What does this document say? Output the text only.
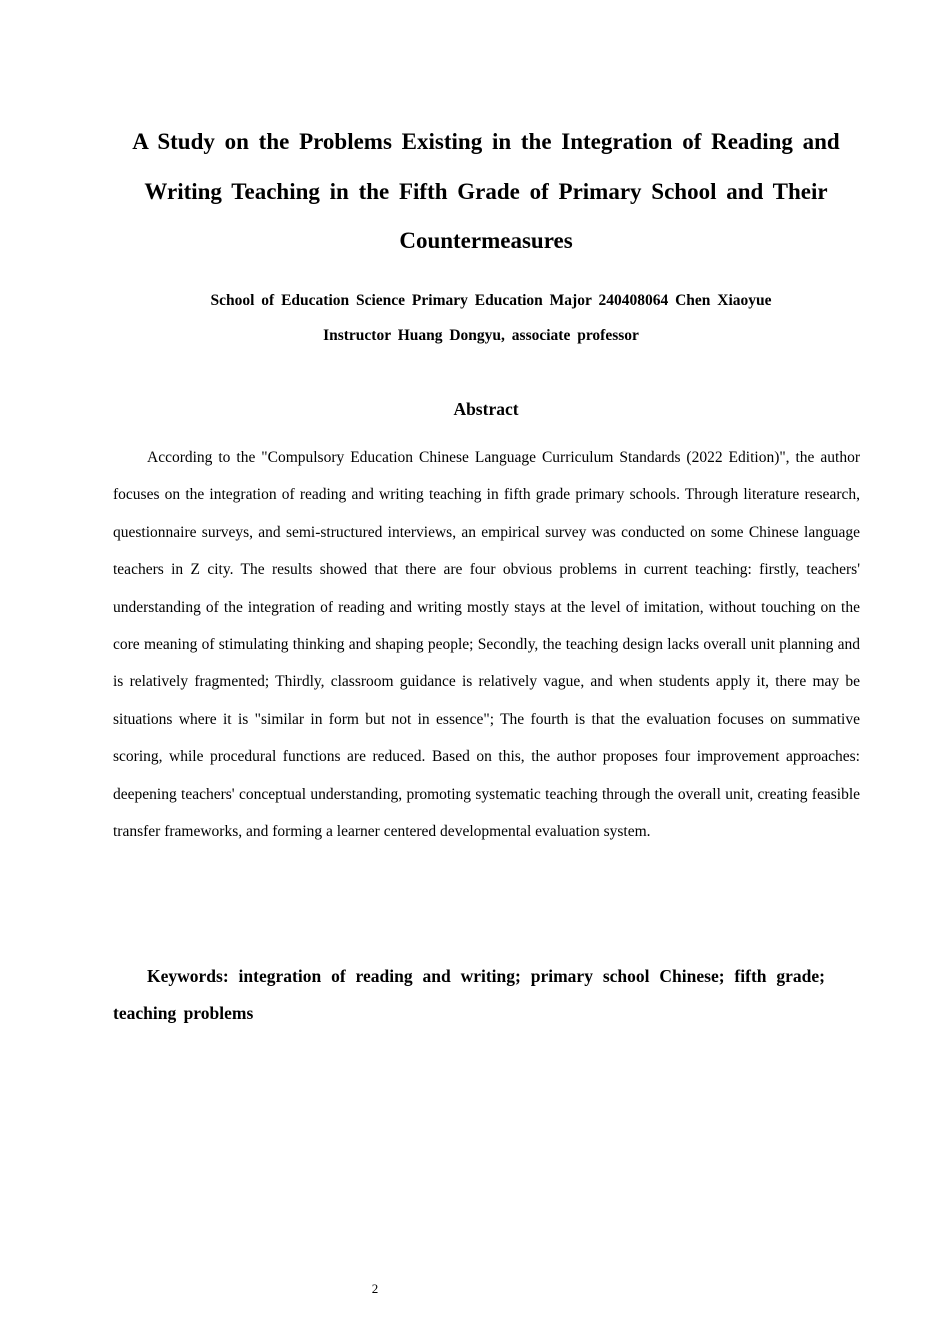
A Study on the Problems Existing in the Integration of Reading and Writing Teaching in the Fifth Grade of Primary School and Their Countermeasures

School of Education Science Primary Education Major 240408064 Chen Xiaoyue

Instructor Huang Dongyu, associate professor

Abstract

According to the "Compulsory Education Chinese Language Curriculum Standards (2022 Edition)", the author focuses on the integration of reading and writing teaching in fifth grade primary schools. Through literature research, questionnaire surveys, and semi-structured interviews, an empirical survey was conducted on some Chinese language teachers in Z city. The results showed that there are four obvious problems in current teaching: firstly, teachers' understanding of the integration of reading and writing mostly stays at the level of imitation, without touching on the core meaning of stimulating thinking and shaping people; Secondly, the teaching design lacks overall unit planning and is relatively fragmented; Thirdly, classroom guidance is relatively vague, and when students apply it, there may be situations where it is "similar in form but not in essence"; The fourth is that the evaluation focuses on summative scoring, while procedural functions are reduced. Based on this, the author proposes four improvement approaches: deepening teachers' conceptual understanding, promoting systematic teaching through the overall unit, creating feasible transfer frameworks, and forming a learner centered developmental evaluation system.

Keywords: integration of reading and writing; primary school Chinese; fifth grade; teaching problems

2
